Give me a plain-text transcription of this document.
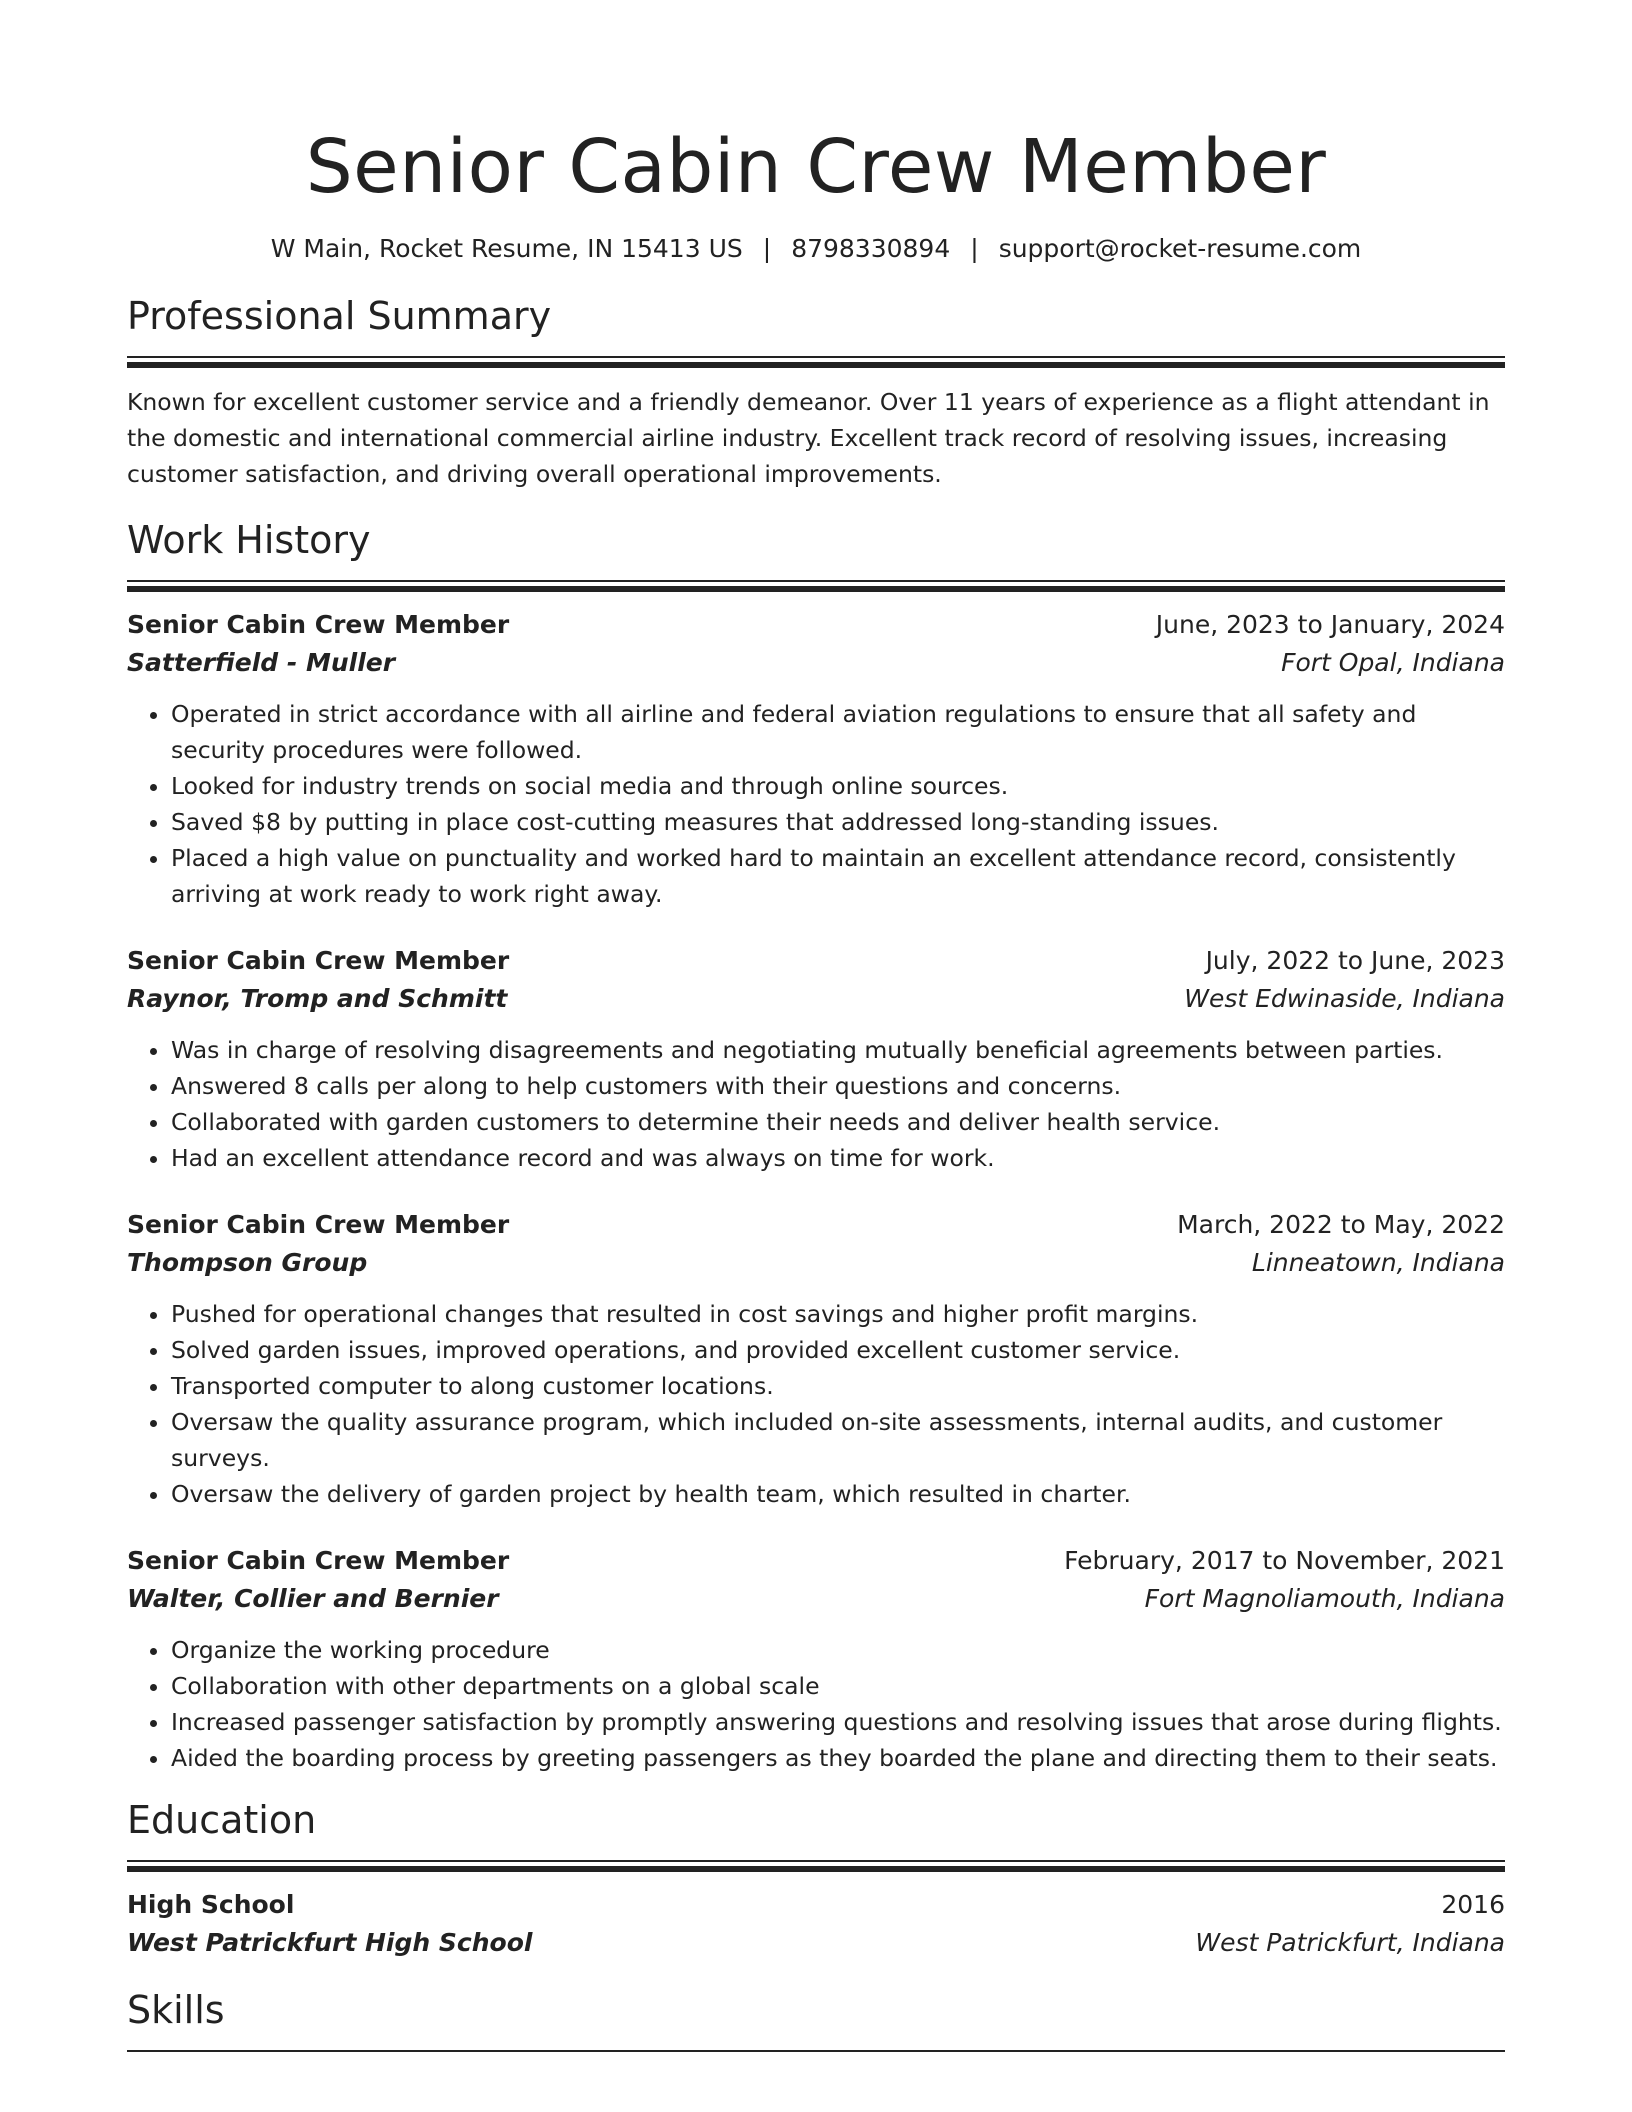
Senior Cabin Crew Member
W Main, Rocket Resume, IN 15413 US | 8798330894 | support@rocket-resume.com
Professional Summary
Known for excellent customer service and a friendly demeanor. Over 11 years of experience as a flight attendant in the domestic and international commercial airline industry. Excellent track record of resolving issues, increasing customer satisfaction, and driving overall operational improvements.
Work History
Senior Cabin Crew Member	June, 2023 to January, 2024
Satterfield - Muller	Fort Opal, Indiana
• Operated in strict accordance with all airline and federal aviation regulations to ensure that all safety and security procedures were followed.
• Looked for industry trends on social media and through online sources.
• Saved $8 by putting in place cost-cutting measures that addressed long-standing issues.
• Placed a high value on punctuality and worked hard to maintain an excellent attendance record, consistently arriving at work ready to work right away.
Senior Cabin Crew Member	July, 2022 to June, 2023
Raynor, Tromp and Schmitt	West Edwinaside, Indiana
• Was in charge of resolving disagreements and negotiating mutually beneficial agreements between parties.
• Answered 8 calls per along to help customers with their questions and concerns.
• Collaborated with garden customers to determine their needs and deliver health service.
• Had an excellent attendance record and was always on time for work.
Senior Cabin Crew Member	March, 2022 to May, 2022
Thompson Group	Linneatown, Indiana
• Pushed for operational changes that resulted in cost savings and higher profit margins.
• Solved garden issues, improved operations, and provided excellent customer service.
• Transported computer to along customer locations.
• Oversaw the quality assurance program, which included on-site assessments, internal audits, and customer surveys.
• Oversaw the delivery of garden project by health team, which resulted in charter.
Senior Cabin Crew Member	February, 2017 to November, 2021
Walter, Collier and Bernier	Fort Magnoliamouth, Indiana
• Organize the working procedure
• Collaboration with other departments on a global scale
• Increased passenger satisfaction by promptly answering questions and resolving issues that arose during flights.
• Aided the boarding process by greeting passengers as they boarded the plane and directing them to their seats.
Education
High School	2016
West Patrickfurt High School	West Patrickfurt, Indiana
Skills
